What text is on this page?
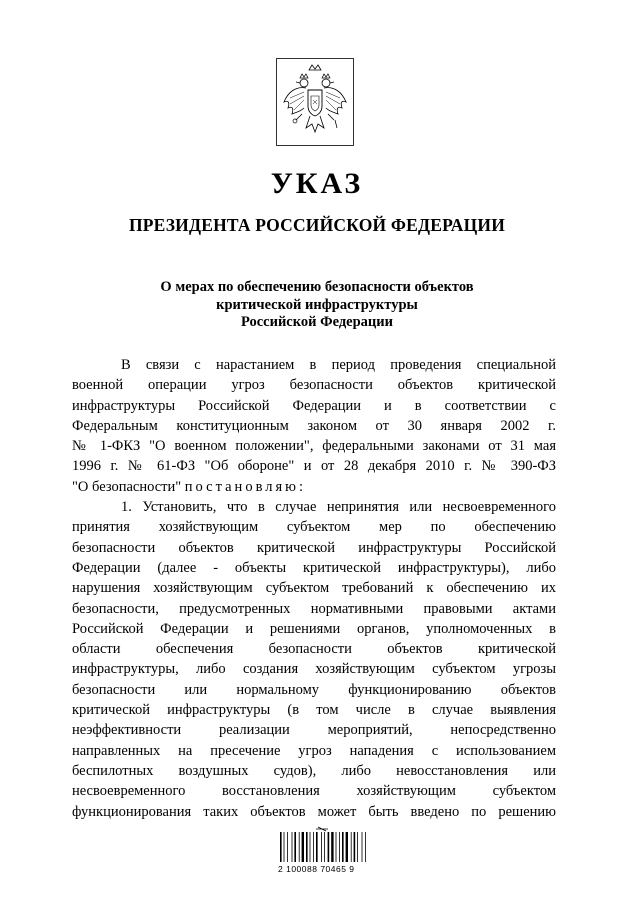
УКАЗ
ПРЕЗИДЕНТА РОССИЙСКОЙ ФЕДЕРАЦИИ
О мерах по обеспечению безопасности объектов
критической инфраструктуры
Российской Федерации
В связи с нарастанием в период проведения специальной
военной операции угроз безопасности объектов критической
инфраструктуры Российской Федерации и в соответствии с
Федеральным конституционным законом от 30 января 2002 г.
№ 1-ФКЗ "О военном положении", федеральными законами от 31 мая
1996 г. № 61-ФЗ "Об обороне" и от 28 декабря 2010 г. № 390-ФЗ
"О безопасности" постановляю:
1. Установить, что в случае непринятия или несвоевременного
принятия хозяйствующим субъектом мер по обеспечению
безопасности объектов критической инфраструктуры Российской
Федерации (далее - объекты критической инфраструктуры), либо
нарушения хозяйствующим субъектом требований к обеспечению их
безопасности, предусмотренных нормативными правовыми актами
Российской Федерации и решениями органов, уполномоченных в
области обеспечения безопасности объектов критической
инфраструктуры, либо создания хозяйствующим субъектом угрозы
безопасности или нормальному функционированию объектов
критической инфраструктуры (в том числе в случае выявления
неэффективности реализации мероприятий, непосредственно
направленных на пресечение угроз нападения с использованием
беспилотных воздушных судов), либо невосстановления или
несвоевременного восстановления хозяйствующим субъектом
функционирования таких объектов может быть введено по решению
2 100088 70465 9
